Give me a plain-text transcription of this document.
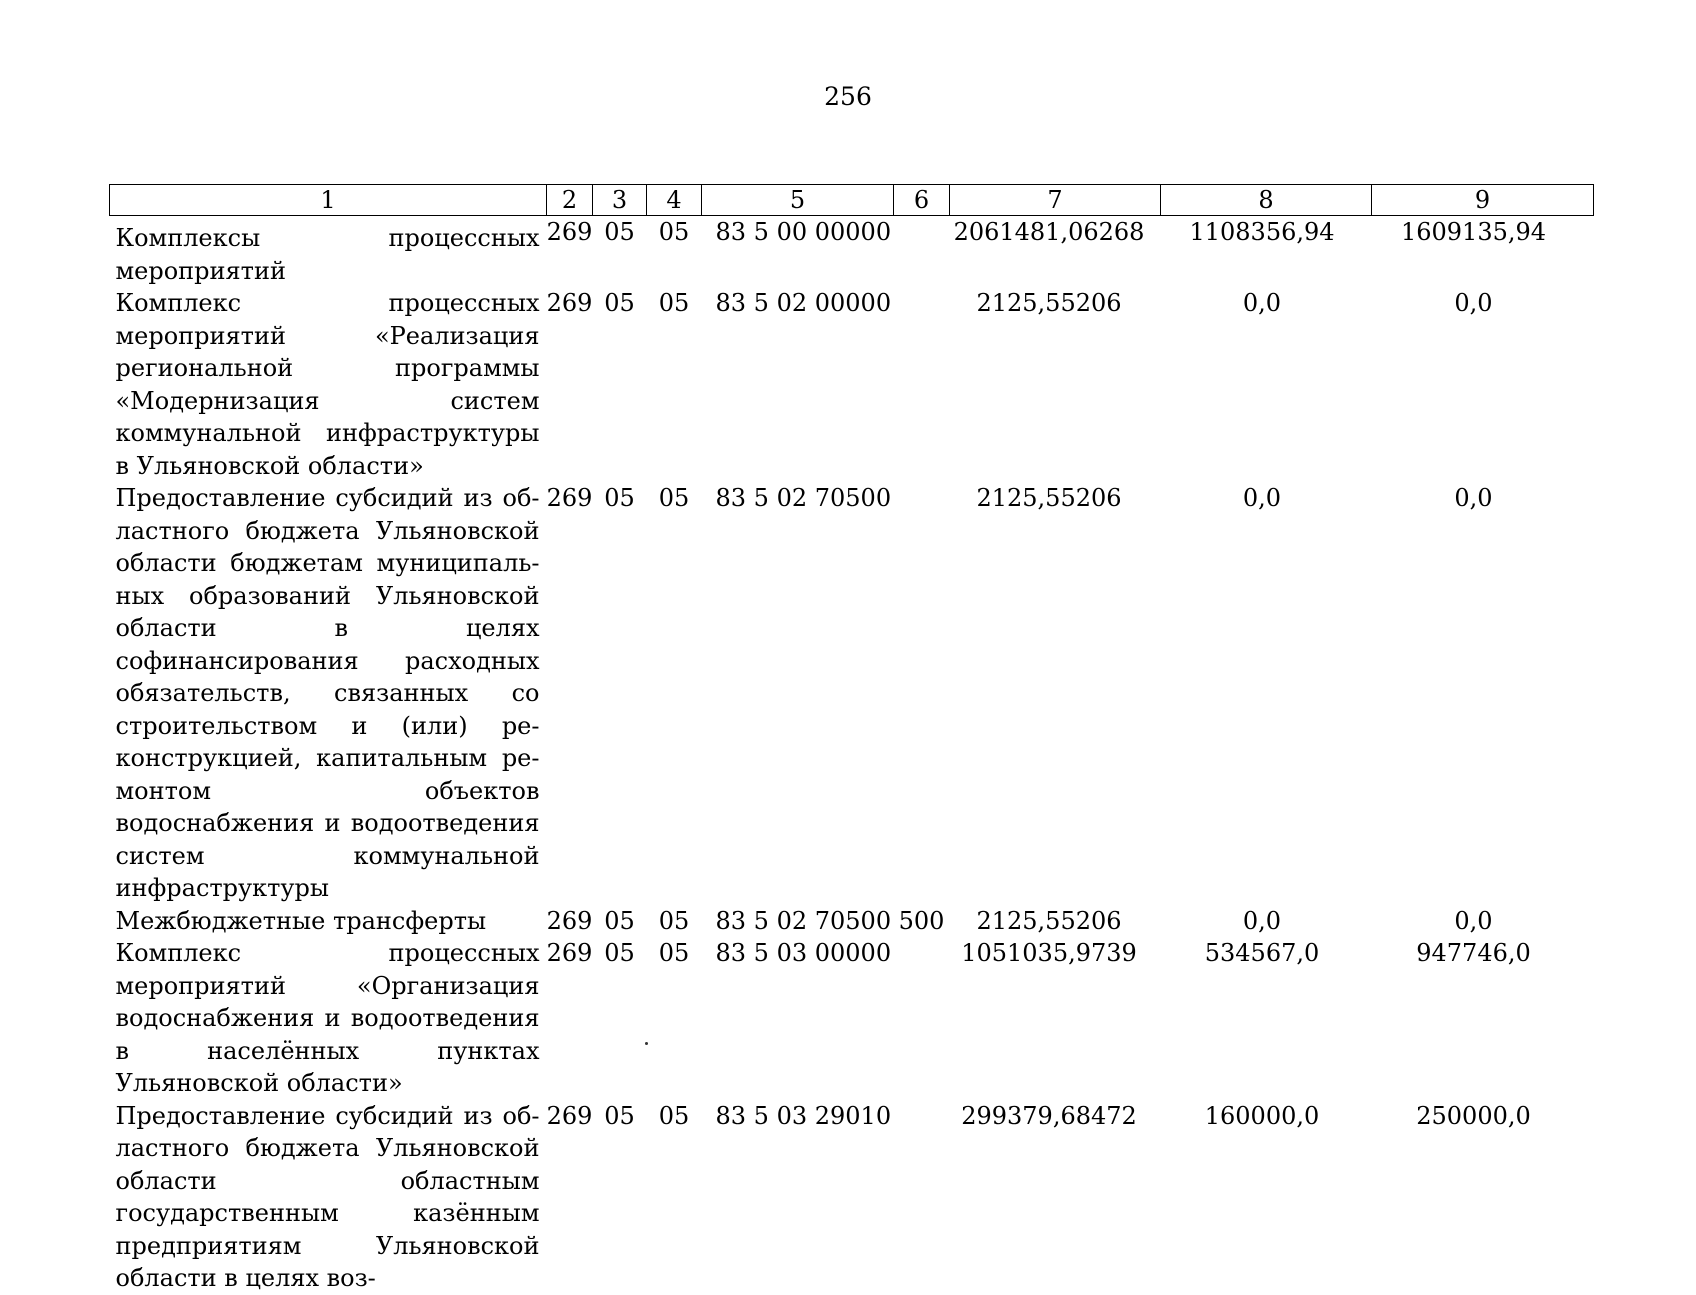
256
1	2	3	4	5	6	7	8	9
Комплексы процессных мероприятий	269	05	05	83 5 00 00000		2061481,06268	1108356,94	1609135,94
Комплекс процессных мероприятий «Реализация региональной программы «Модернизация систем коммунальной инфраструктуры в Ульяновской области»	269	05	05	83 5 02 00000		2125,55206	0,0	0,0
Предоставление субсидий из областного бюджета Ульяновской области бюджетам муниципальных образований Ульяновской области в целях софинансирования расходных обязательств, связанных со строительством и (или) реконструкцией, капитальным ремонтом объектов водоснабжения и водоотведения систем коммунальной инфраструктуры	269	05	05	83 5 02 70500		2125,55206	0,0	0,0
Межбюджетные трансферты	269	05	05	83 5 02 70500	500	2125,55206	0,0	0,0
Комплекс процессных мероприятий «Организация водоснабжения и водоотведения в населённых пунктах Ульяновской области»	269	05	05	83 5 03 00000		1051035,9739	534567,0	947746,0
Предоставление субсидий из областного бюджета Ульяновской области областным государственным казённым предприятиям Ульяновской области в целях воз-	269	05	05	83 5 03 29010		299379,68472	160000,0	250000,0
